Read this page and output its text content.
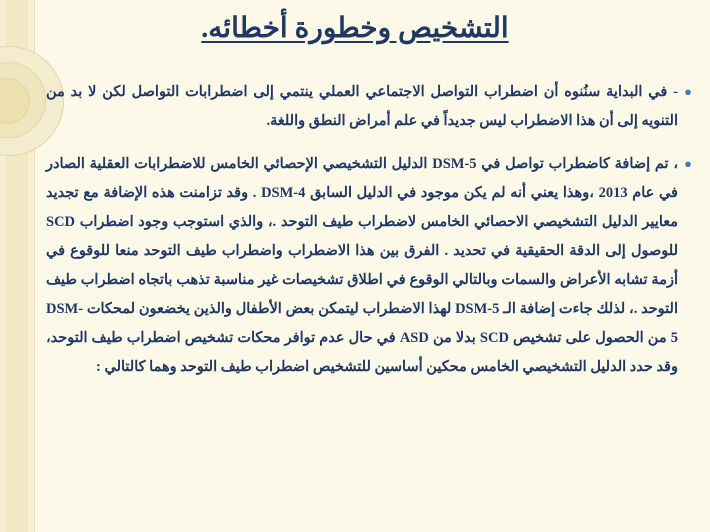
التشخيص وخطورة أخطائه.
●
- في البداية سنُنوه أن اضطراب التواصل الاجتماعي العملي ينتمي إلى اضطرابات التواصل لكن لا بد من التنويه إلى أن هذا الاضطراب ليس جديداً في علم أمراض النطق واللغة.
●
، تم إضافة كاضطراب تواصل في DSM-5 الدليل التشخيصي الإحصائي الخامس للاضطرابات العقلية الصادر في عام 2013 ،وهذا يعني أنه لم يكن موجود في الدليل السابق DSM-4 . وقد تزامنت هذه الإضافة مع تجديد معايير الدليل التشخيصي الاحصائي الخامس لاضطراب طيف التوحد .، والذي استوجب وجود اضطراب SCD للوصول إلى الدقة الحقيقية في تحديد . الفرق بين هذا الاضطراب واضطراب طيف التوحد منعا للوقوع في أزمة تشابه الأعراض والسمات وبالتالي الوقوع في اطلاق تشخيصات غير مناسبة تذهب باتجاه اضطراب طيف التوحد .، لذلك جاءت إضافة الـ DSM-5 لهذا الاضطراب ليتمكن بعض الأطفال والذين يخضعون لمحكات DSM-5 من الحصول على تشخيص SCD بدلا من ASD في حال عدم توافر محكات تشخيص اضطراب طيف التوحد، وقد حدد الدليل التشخيصي الخامس محكين أساسين للتشخيص اضطراب طيف التوحد وهما كالتالي :
